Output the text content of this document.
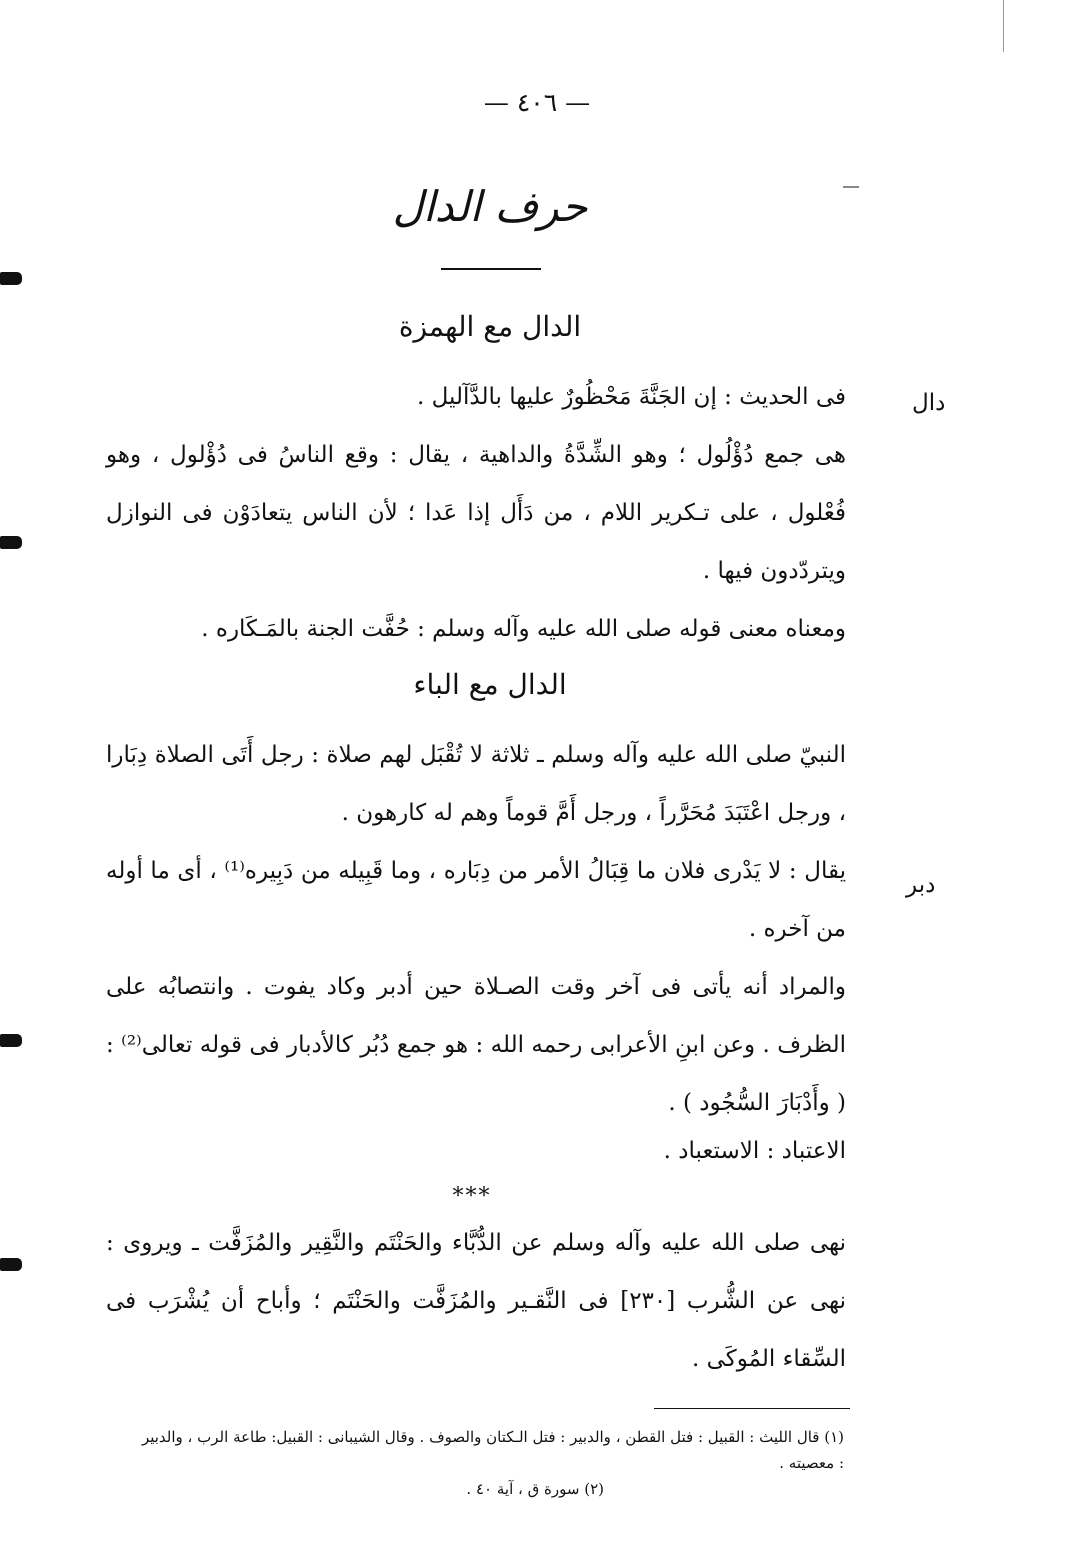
— ٤٠٦ —
حرف الدال
الدال مع الهمزة
دال
فى الحديث : إن الجَنَّةَ مَحْظُورٌ عليها بالدَّآليل .
هى جمع دُؤْلُول ؛ وهو الشِّدَّةُ والداهية ، يقال : وقع الناسُ فى دُؤْلول ، وهو فُعْلول ، على تـكرير اللام ، من دَأَل إذا عَدا ؛ لأن الناس يتعادَوْن فى النوازل ويتردّدون فيها .
ومعناه معنى قوله صلى الله عليه وآله وسلم : حُفَّت الجنة بالمَـكَاره .
الدال مع الباء
دبر
النبيّ صلى الله عليه وآله وسلم ـ ثلاثة لا تُقْبَل لهم صلاة : رجل أَتَى الصلاة دِبَارا ، ورجل اعْتَبَدَ مُحَرَّراً ، ورجل أَمَّ قوماً وهم له كارهون .
يقال : لا يَدْرى فلان ما قِبَالُ الأمر من دِبَاره ، وما قَبِيله من دَبِيره⁽¹⁾ ، أى ما أوله من آخره .
والمراد أنه يأتى فى آخر وقت الصـلاة حين أدبر وكاد يفوت . وانتصابُه على الظرف . وعن ابنِ الأعرابى رحمه الله : هو جمع دُبُر كالأدبار فى قوله تعالى⁽²⁾ : ( وأَدْبَارَ السُّجُود ) .
الاعتباد : الاستعباد .
***
نهى صلى الله عليه وآله وسلم عن الدُّبَّاء والحَنْتَم والنَّقِير والمُزَفَّت ـ ويروى : نهى عن الشُّرب [٢٣٠] فى النَّقـير والمُزَفَّت والحَنْتَم ؛ وأباح أن يُشْرَب فى السِّقاء المُوكَى .
(١) قال الليث : القبيل : فتل القطن ، والدبير : فتل الـكتان والصوف . وقال الشيبانى : القبيل: طاعة الرب ، والدبير : معصيته .
(٢) سورة ق ، آية ٤٠ .
